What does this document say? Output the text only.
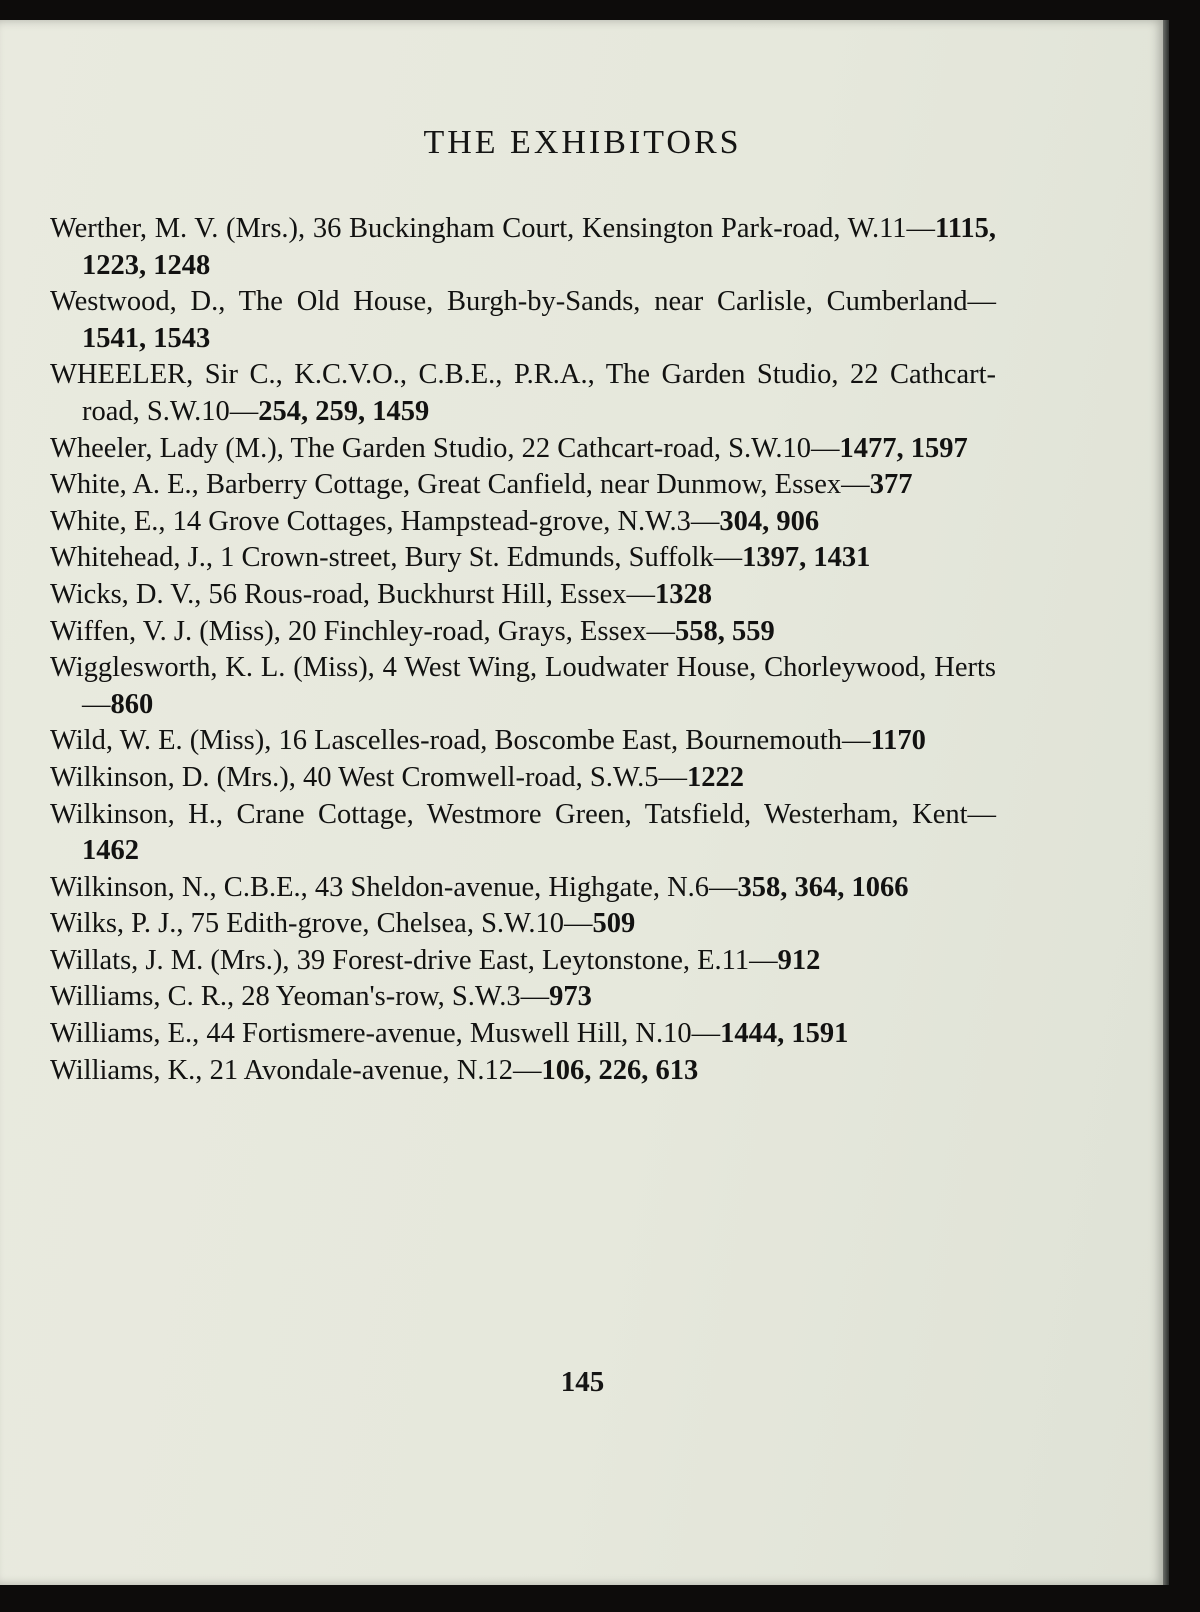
THE EXHIBITORS
Werther, M. V. (Mrs.), 36 Buckingham Court, Kensington Park-road, W.11—1115, 1223, 1248
Westwood, D., The Old House, Burgh-by-Sands, near Carlisle, Cumberland—1541, 1543
WHEELER, Sir C., K.C.V.O., C.B.E., P.R.A., The Garden Studio, 22 Cathcart-road, S.W.10—254, 259, 1459
Wheeler, Lady (M.), The Garden Studio, 22 Cathcart-road, S.W.10—1477, 1597
White, A. E., Barberry Cottage, Great Canfield, near Dunmow, Essex—377
White, E., 14 Grove Cottages, Hampstead-grove, N.W.3—304, 906
Whitehead, J., 1 Crown-street, Bury St. Edmunds, Suffolk—1397, 1431
Wicks, D. V., 56 Rous-road, Buckhurst Hill, Essex—1328
Wiffen, V. J. (Miss), 20 Finchley-road, Grays, Essex—558, 559
Wigglesworth, K. L. (Miss), 4 West Wing, Loudwater House, Chorleywood, Herts—860
Wild, W. E. (Miss), 16 Lascelles-road, Boscombe East, Bournemouth—1170
Wilkinson, D. (Mrs.), 40 West Cromwell-road, S.W.5—1222
Wilkinson, H., Crane Cottage, Westmore Green, Tatsfield, Westerham, Kent—1462
Wilkinson, N., C.B.E., 43 Sheldon-avenue, Highgate, N.6—358, 364, 1066
Wilks, P. J., 75 Edith-grove, Chelsea, S.W.10—509
Willats, J. M. (Mrs.), 39 Forest-drive East, Leytonstone, E.11—912
Williams, C. R., 28 Yeoman's-row, S.W.3—973
Williams, E., 44 Fortismere-avenue, Muswell Hill, N.10—1444, 1591
Williams, K., 21 Avondale-avenue, N.12—106, 226, 613
145
